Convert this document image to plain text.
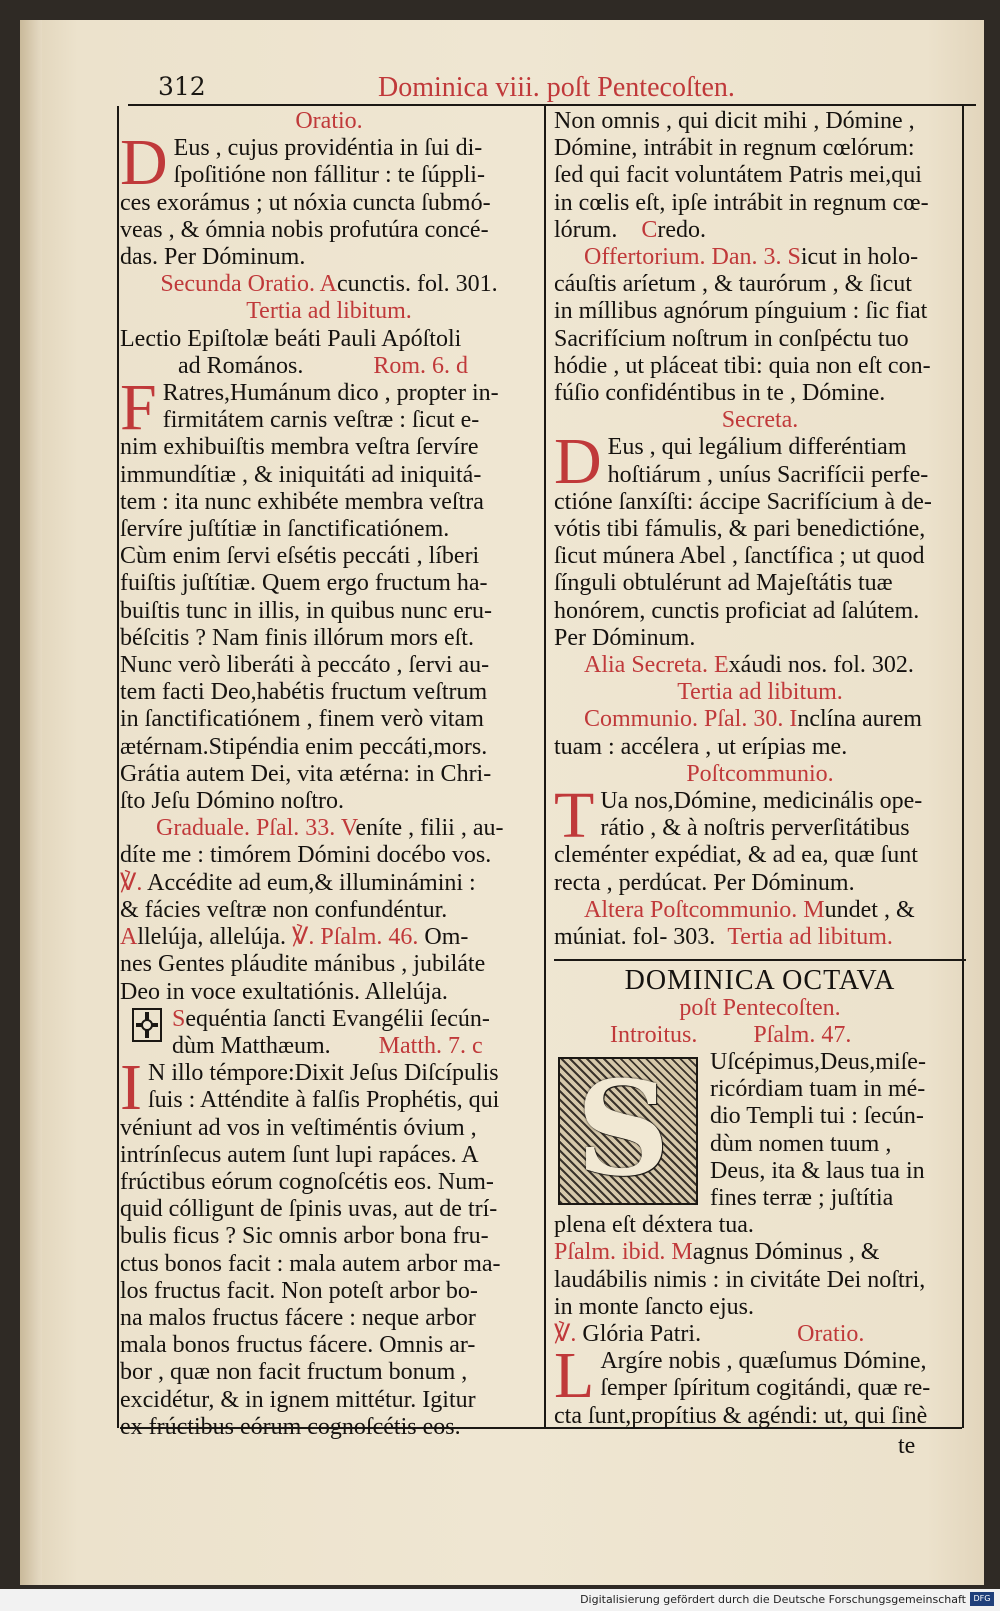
312	Dominica viii. poſt Pentecoſten.
Oratio.
D Eus , cujus providéntia in ſui di-
ſpoſitióne non fállitur : te ſúppli-
ces exorámus ; ut nóxia cuncta ſubmó-
veas , & ómnia nobis profutúra concé-
das. Per Dóminum.
Secunda Oratio. Acunctis. fol. 301.
Tertia ad libitum.
Lectio Epiſtolæ beáti Pauli Apóſtoli
ad Romános.	Rom. 6. d
F Ratres,Humánum dico , propter in-
firmitátem carnis veſtræ : ſicut e-
nim exhibuiſtis membra veſtra ſervíre
immundítiæ , & iniquitáti ad iniquitá-
tem : ita nunc exhibéte membra veſtra
ſervíre juſtítiæ in ſanctificatiónem.
Cùm enim ſervi eſsétis peccáti , líberi
fuiſtis juſtítiæ. Quem ergo fructum ha-
buiſtis tunc in illis, in quibus nunc eru-
béſcitis ? Nam finis illórum mors eſt.
Nunc verò liberáti à peccáto , ſervi au-
tem facti Deo,habétis fructum veſtrum
in ſanctificatiónem , finem verò vitam
ætérnam.Stipéndia enim peccáti,mors.
Grátia autem Dei, vita ætérna: in Chri-
ſto Jeſu Dómino noſtro.
Graduale. Pſal. 33. Veníte , filii , au-
díte me : timórem Dómini docébo vos.
℣. Accédite ad eum,& illuminámini :
& fácies veſtræ non confundéntur.
Allelúja, allelúja. ℣. Pſalm. 46. Om-
nes Gentes pláudite mánibus , jubiláte
Deo in voce exultatiónis. Allelúja.
Sequéntia ſancti Evangélii ſecún-
dùm Matthæum. Matth. 7. c
I N illo témpore:Dixit Jeſus Diſcípulis
ſuis : Atténdite à falſis Prophétis, qui
véniunt ad vos in veſtiméntis óvium ,
intrínſecus autem ſunt lupi rapáces. A
frúctibus eórum cognoſcétis eos. Num-
quid cólligunt de ſpinis uvas, aut de trí-
bulis ficus ? Sic omnis arbor bona fru-
ctus bonos facit : mala autem arbor ma-
los fructus facit. Non poteſt arbor bo-
na malos fructus fácere : neque arbor
mala bonos fructus fácere. Omnis ar-
bor , quæ non facit fructum bonum ,
excidétur, & in ignem mittétur. Igitur
ex frúctibus eórum cognoſcétis eos.
Non omnis , qui dicit mihi , Dómine ,
Dómine, intrábit in regnum cœlórum:
ſed qui facit voluntátem Patris mei,qui
in cœlis eſt, ipſe intrábit in regnum cœ-
lórum. Credo.
Offertorium. Dan. 3. Sicut in holo-
cáuſtis aríetum , & taurórum , & ſicut
in míllibus agnórum pínguium : ſic fiat
Sacrifícium noſtrum in conſpéctu tuo
hódie , ut pláceat tibi: quia non eſt con-
fúſio confidéntibus in te , Dómine.
Secreta.
D Eus , qui legálium differéntiam
hoſtiárum , uníus Sacrifícii perfe-
ctióne ſanxíſti: áccipe Sacrifícium à de-
vótis tibi fámulis, & pari benedictióne,
ſicut múnera Abel , ſanctífica ; ut quod
ſínguli obtulérunt ad Majeſtátis tuæ
honórem, cunctis proficiat ad ſalútem.
Per Dóminum.
Alia Secreta. Exáudi nos. fol. 302.
Tertia ad libitum.
Communio. Pſal. 30. Inclína aurem
tuam : accélera , ut erípias me.
Poſtcommunio.
T Ua nos,Dómine, medicinális ope-
rátio , & à noſtris perverſitátibus
cleménter expédiat, & ad ea, quæ ſunt
recta , perdúcat. Per Dóminum.
Altera Poſtcommunio. Mundet , &
múniat. fol- 303. Tertia ad libitum.
DOMINICA OCTAVA
poſt Pentecoſten.
Introitus. Pſalm. 47.
S Uſcépimus,Deus,miſe-
ricórdiam tuam in mé-
dio Templi tui : ſecún-
dùm nomen tuum ,
Deus, ita & laus tua in
fines terræ ; juſtítia
plena eſt déxtera tua.
Pſalm. ibid. Magnus Dóminus , &
laudábilis nimis : in civitáte Dei noſtri,
in monte ſancto ejus.
℣. Glória Patri.	Oratio.
L Argíre nobis , quæſumus Dómine,
ſemper ſpíritum cogitándi, quæ re-
cta ſunt,propítius & agéndi: ut, qui ſinè
te
Digitalisierung gefördert durch die Deutsche Forschungsgemeinschaft DFG
